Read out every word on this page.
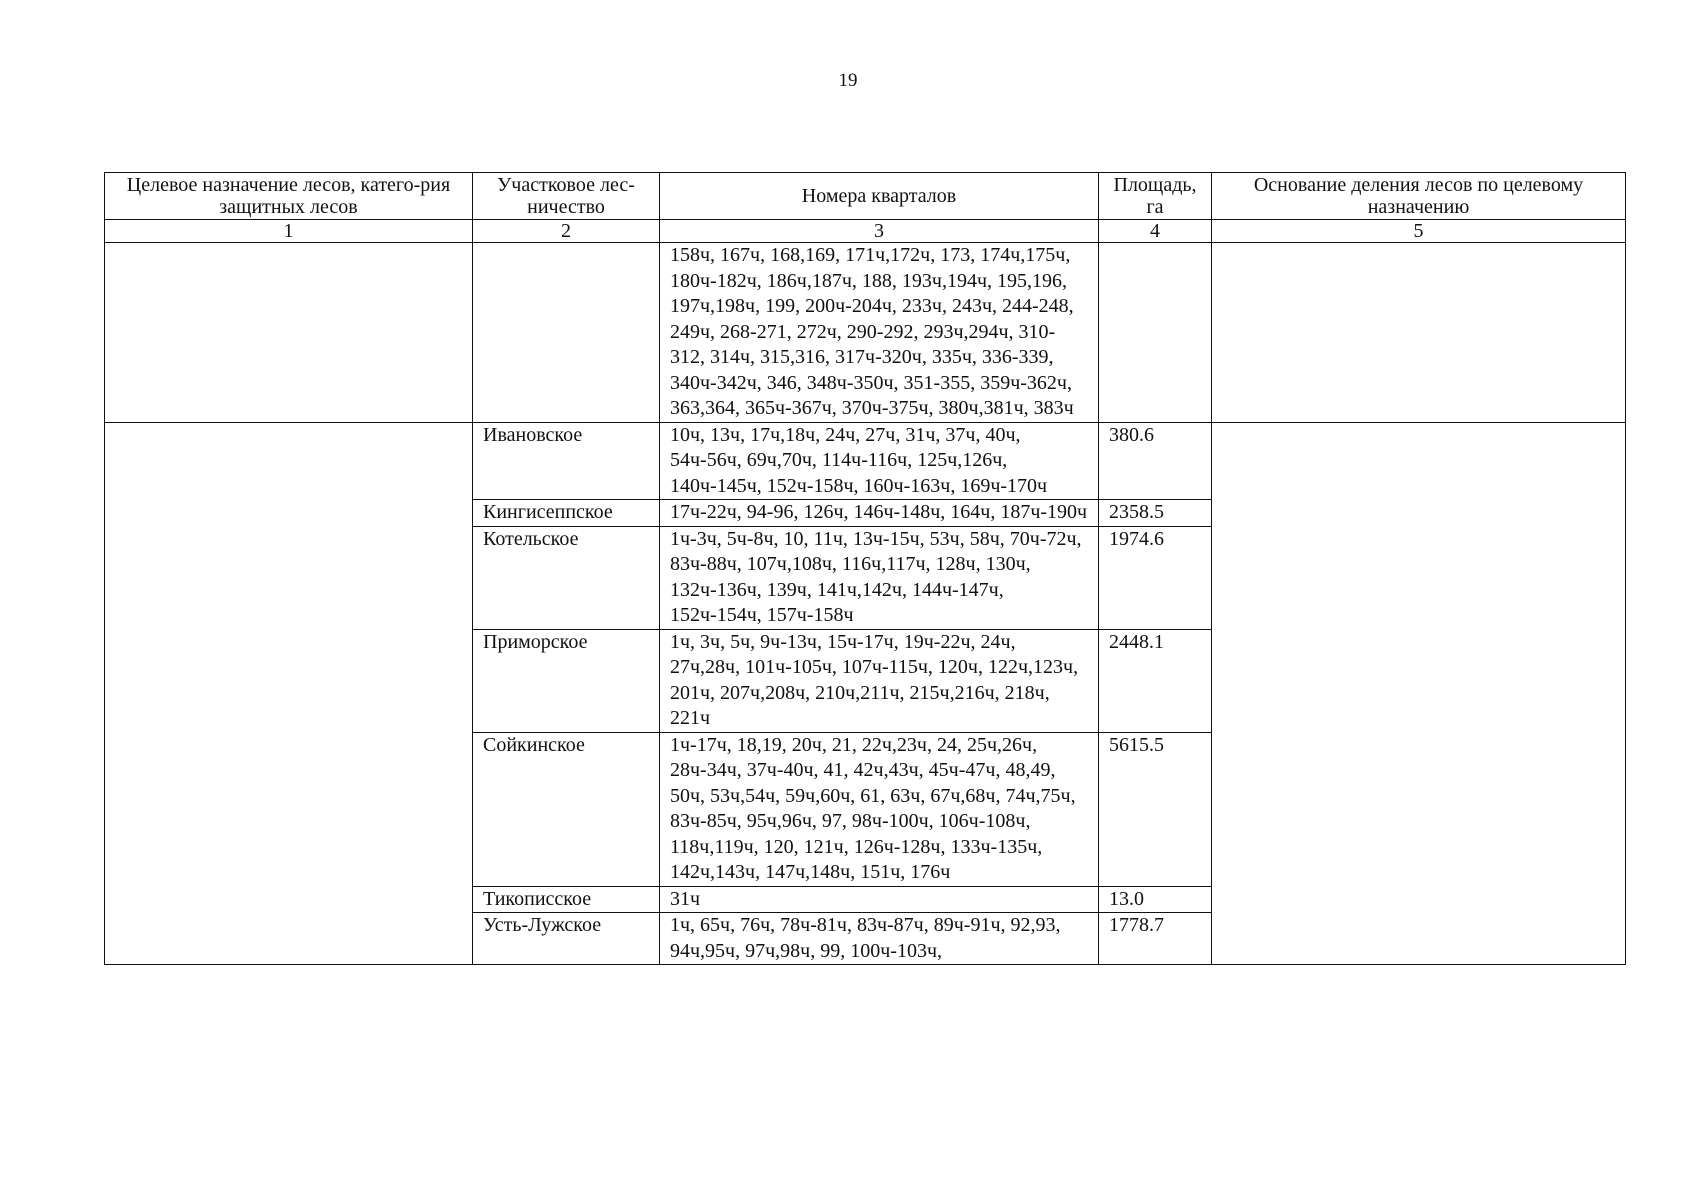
19
Целевое назначение лесов, катего-рия защитных лесов	Участковое лес-ничество	Номера кварталов	Площадь, га	Основание деления лесов по целевому назначению
1	2	3	4	5
		158ч, 167ч, 168,169, 171ч,172ч, 173, 174ч,175ч, 180ч-182ч, 186ч,187ч, 188, 193ч,194ч, 195,196, 197ч,198ч, 199, 200ч-204ч, 233ч, 243ч, 244-248, 249ч, 268-271, 272ч, 290-292, 293ч,294ч, 310-312, 314ч, 315,316, 317ч-320ч, 335ч, 336-339, 340ч-342ч, 346, 348ч-350ч, 351-355, 359ч-362ч, 363,364, 365ч-367ч, 370ч-375ч, 380ч,381ч, 383ч		
	Ивановское	10ч, 13ч, 17ч,18ч, 24ч, 27ч, 31ч, 37ч, 40ч, 54ч-56ч, 69ч,70ч, 114ч-116ч, 125ч,126ч, 140ч-145ч, 152ч-158ч, 160ч-163ч, 169ч-170ч	380.6	
	Кингисеппское	17ч-22ч, 94-96, 126ч, 146ч-148ч, 164ч, 187ч-190ч	2358.5	
	Котельское	1ч-3ч, 5ч-8ч, 10, 11ч, 13ч-15ч, 53ч, 58ч, 70ч-72ч, 83ч-88ч, 107ч,108ч, 116ч,117ч, 128ч, 130ч, 132ч-136ч, 139ч, 141ч,142ч, 144ч-147ч, 152ч-154ч, 157ч-158ч	1974.6	
	Приморское	1ч, 3ч, 5ч, 9ч-13ч, 15ч-17ч, 19ч-22ч, 24ч, 27ч,28ч, 101ч-105ч, 107ч-115ч, 120ч, 122ч,123ч, 201ч, 207ч,208ч, 210ч,211ч, 215ч,216ч, 218ч, 221ч	2448.1	
	Сойкинское	1ч-17ч, 18,19, 20ч, 21, 22ч,23ч, 24, 25ч,26ч, 28ч-34ч, 37ч-40ч, 41, 42ч,43ч, 45ч-47ч, 48,49, 50ч, 53ч,54ч, 59ч,60ч, 61, 63ч, 67ч,68ч, 74ч,75ч, 83ч-85ч, 95ч,96ч, 97, 98ч-100ч, 106ч-108ч, 118ч,119ч, 120, 121ч, 126ч-128ч, 133ч-135ч, 142ч,143ч, 147ч,148ч, 151ч, 176ч	5615.5	
	Тикописское	31ч	13.0	
	Усть-Лужское	1ч, 65ч, 76ч, 78ч-81ч, 83ч-87ч, 89ч-91ч, 92,93, 94ч,95ч, 97ч,98ч, 99, 100ч-103ч,	1778.7	
